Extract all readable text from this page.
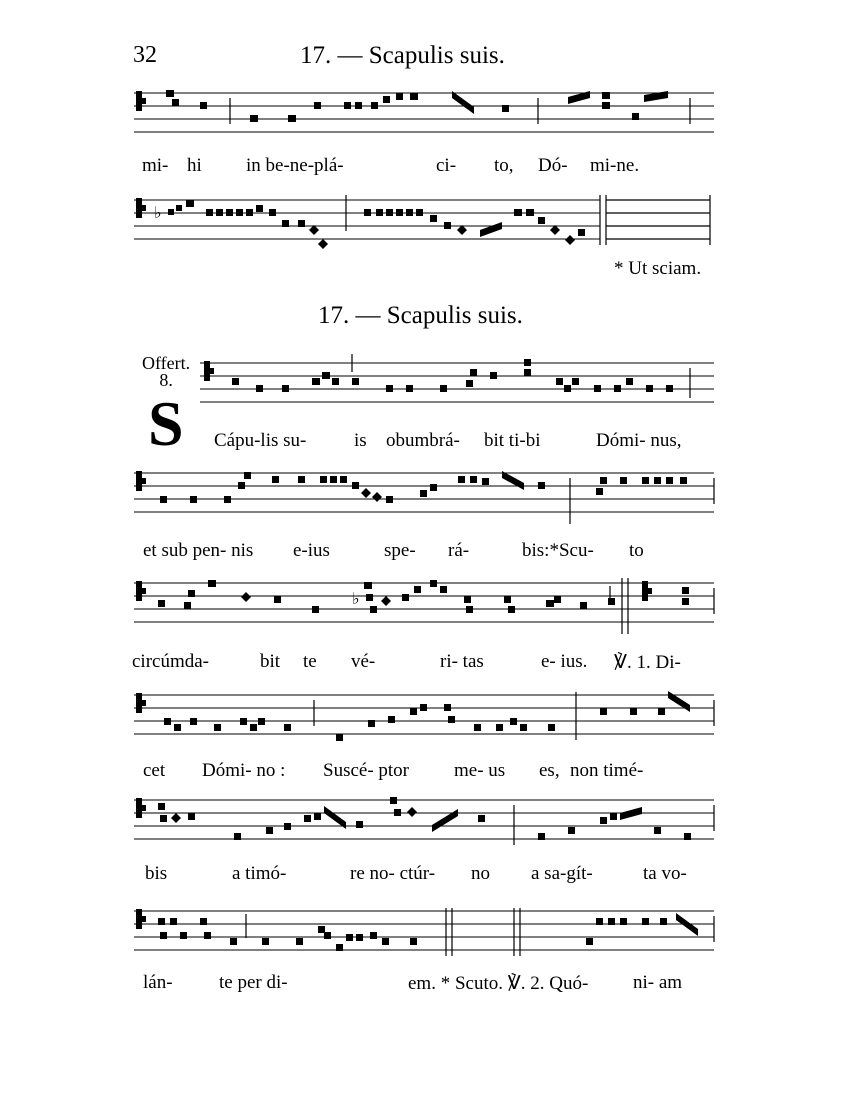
32	17. — Scapulis suis.
mi- hi in be-ne-plá-	ci- to, Dó- mi-ne.
♭
* Ut sciam.
17. — Scapulis suis.
Offert.
8.
S Cápu-lis su-	is obumbrá- bit ti-bi	Dómi- nus,
et sub pen- nis e-ius	spe- rá-	bis:*Scu- to
♭
circúmda-	bit te vé-	ri- tas	e- ius. ℣. 1. Di-
cet Dómi- no : Suscé- ptor me- us es, non timé-
bis	a timó-	re no- ctúr- no a sa-gít-	ta vo-
lán- te per di-	em. * Scuto. ℣. 2. Quó- ni- am
